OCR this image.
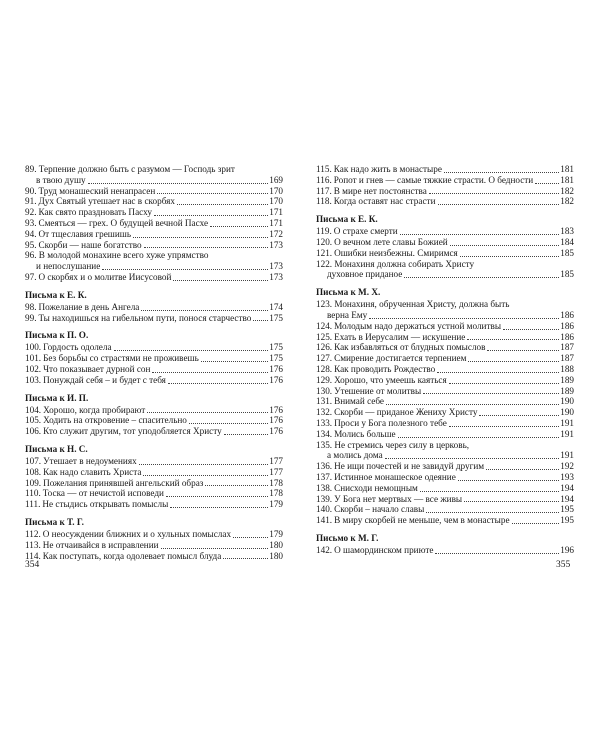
89. Терпение должно быть с разумом — Господь зрит
в твою душу	169
90. Труд монашеский ненапрасен	170
91. Дух Святый утешает нас в скорбях	170
92. Как свято праздновать Пасху	171
93. Смеяться — грех. О будущей вечной Пасхе	171
94. От тщеславия грешишь	172
95. Скорби — наше богатство	173
96. В молодой монахине всего хуже упрямство
и непослушание	173
97. О скорбях и о молитве Иисусовой	173
Письма к Е. К.
98. Пожелание в день Ангела	174
99. Ты находишься на гибельном пути, понося старчество 175
Письма к П. О.
100. Гордость одолела	175
101. Без борьбы со страстями не проживешь	175
102. Что показывает дурной сон	176
103. Понуждай себя – и будет с тебя	176
Письма к И. П.
104. Хорошо, когда пробирают	176
105. Ходить на откровение – спасительно	176
106. Кто служит другим, тот уподобляется Христу	176
Письма к Н. С.
107. Утешает в недоумениях	177
108. Как надо славить Христа	177
109. Пожелания принявшей ангельский образ	178
110. Тоска — от нечистой исповеди	178
111. Не стыдись открывать помыслы	179
Письма к Т. Г.
112. О неосуждении ближних и о хульных помыслах	179
113. Не отчаивайся в исправлении	180
114. Как поступать, когда одолевает помысл блуда	180
115. Как надо жить в монастыре	181
116. Ропот и гнев — самые тяжкие страсти. О бедности	181
117. В мире нет постоянства	182
118. Когда оставят нас страсти	182
Письма к Е. К.
119. О страхе смерти	183
120. О вечном лете славы Божией	184
121. Ошибки неизбежны. Смиримся	185
122. Монахиня должна собирать Христу
духовное приданое	185
Письма к М. Х.
123. Монахиня, обрученная Христу, должна быть
верна Ему	186
124. Молодым надо держаться устной молитвы	186
125. Ехать в Иерусалим — искушение	186
126. Как избавляться от блудных помыслов	187
127. Смирение достигается терпением	187
128. Как проводить Рождество	188
129. Хорошо, что умеешь каяться	189
130. Утешение от молитвы	189
131. Внимай себе	190
132. Скорби — приданое Жениху Христу	190
133. Проси у Бога полезного тебе	191
134. Молись больше	191
135. Не стремись через силу в церковь,
а молись дома	191
136. Не ищи почестей и не завидуй другим	192
137. Истинное монашеское одеяние	193
138. Снисходи немощным	194
139. У Бога нет мертвых — все живы	194
140. Скорби – начало славы	195
141. В миру скорбей не меньше, чем в монастыре	195
Письмо к М. Г.
142. О шамординском приюте	196
354	355
